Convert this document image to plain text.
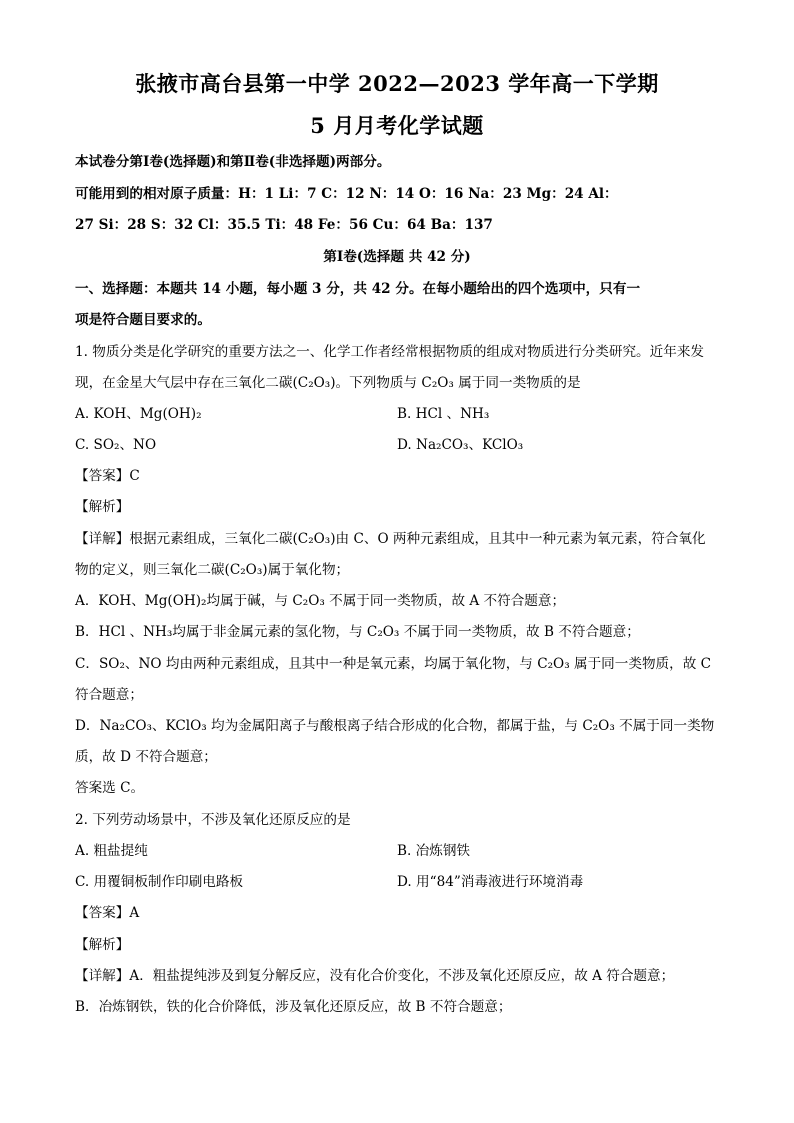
张掖市高台县第一中学 2022—2023 学年高一下学期
5 月月考化学试题
本试卷分第Ⅰ卷(选择题)和第Ⅱ卷(非选择题)两部分。
可能用到的相对原子质量：H：1 Li：7 C：12 N：14 O：16 Na：23 Mg：24 Al：
27 Si：28 S：32 Cl：35.5 Ti：48 Fe：56 Cu：64 Ba：137
第Ⅰ卷(选择题 共 42 分)
一、选择题：本题共 14 小题，每小题 3 分，共 42 分。在每小题给出的四个选项中，只有一
项是符合题目要求的。
1. 物质分类是化学研究的重要方法之一、化学工作者经常根据物质的组成对物质进行分类研究。近年来发
现，在金星大气层中存在三氧化二碳(C₂O₃)。下列物质与 C₂O₃ 属于同一类物质的是
A. KOH、Mg(OH)₂	B. HCl 、NH₃
C. SO₂、NO	D. Na₂CO₃、KClO₃
【答案】C
【解析】
【详解】根据元素组成，三氧化二碳(C₂O₃)由 C、O 两种元素组成，且其中一种元素为氧元素，符合氧化
物的定义，则三氧化二碳(C₂O₃)属于氧化物；
A．KOH、Mg(OH)₂均属于碱，与 C₂O₃ 不属于同一类物质，故 A 不符合题意；
B．HCl 、NH₃均属于非金属元素的氢化物，与 C₂O₃ 不属于同一类物质，故 B 不符合题意；
C．SO₂、NO 均由两种元素组成，且其中一种是氧元素，均属于氧化物，与 C₂O₃ 属于同一类物质，故 C
符合题意；
D．Na₂CO₃、KClO₃ 均为金属阳离子与酸根离子结合形成的化合物，都属于盐，与 C₂O₃ 不属于同一类物
质，故 D 不符合题意；
答案选 C。
2. 下列劳动场景中，不涉及氧化还原反应的是
A. 粗盐提纯	B. 冶炼钢铁
C. 用覆铜板制作印刷电路板	D. 用“84”消毒液进行环境消毒
【答案】A
【解析】
【详解】A．粗盐提纯涉及到复分解反应，没有化合价变化，不涉及氧化还原反应，故 A 符合题意；
B．冶炼钢铁，铁的化合价降低，涉及氧化还原反应，故 B 不符合题意；
